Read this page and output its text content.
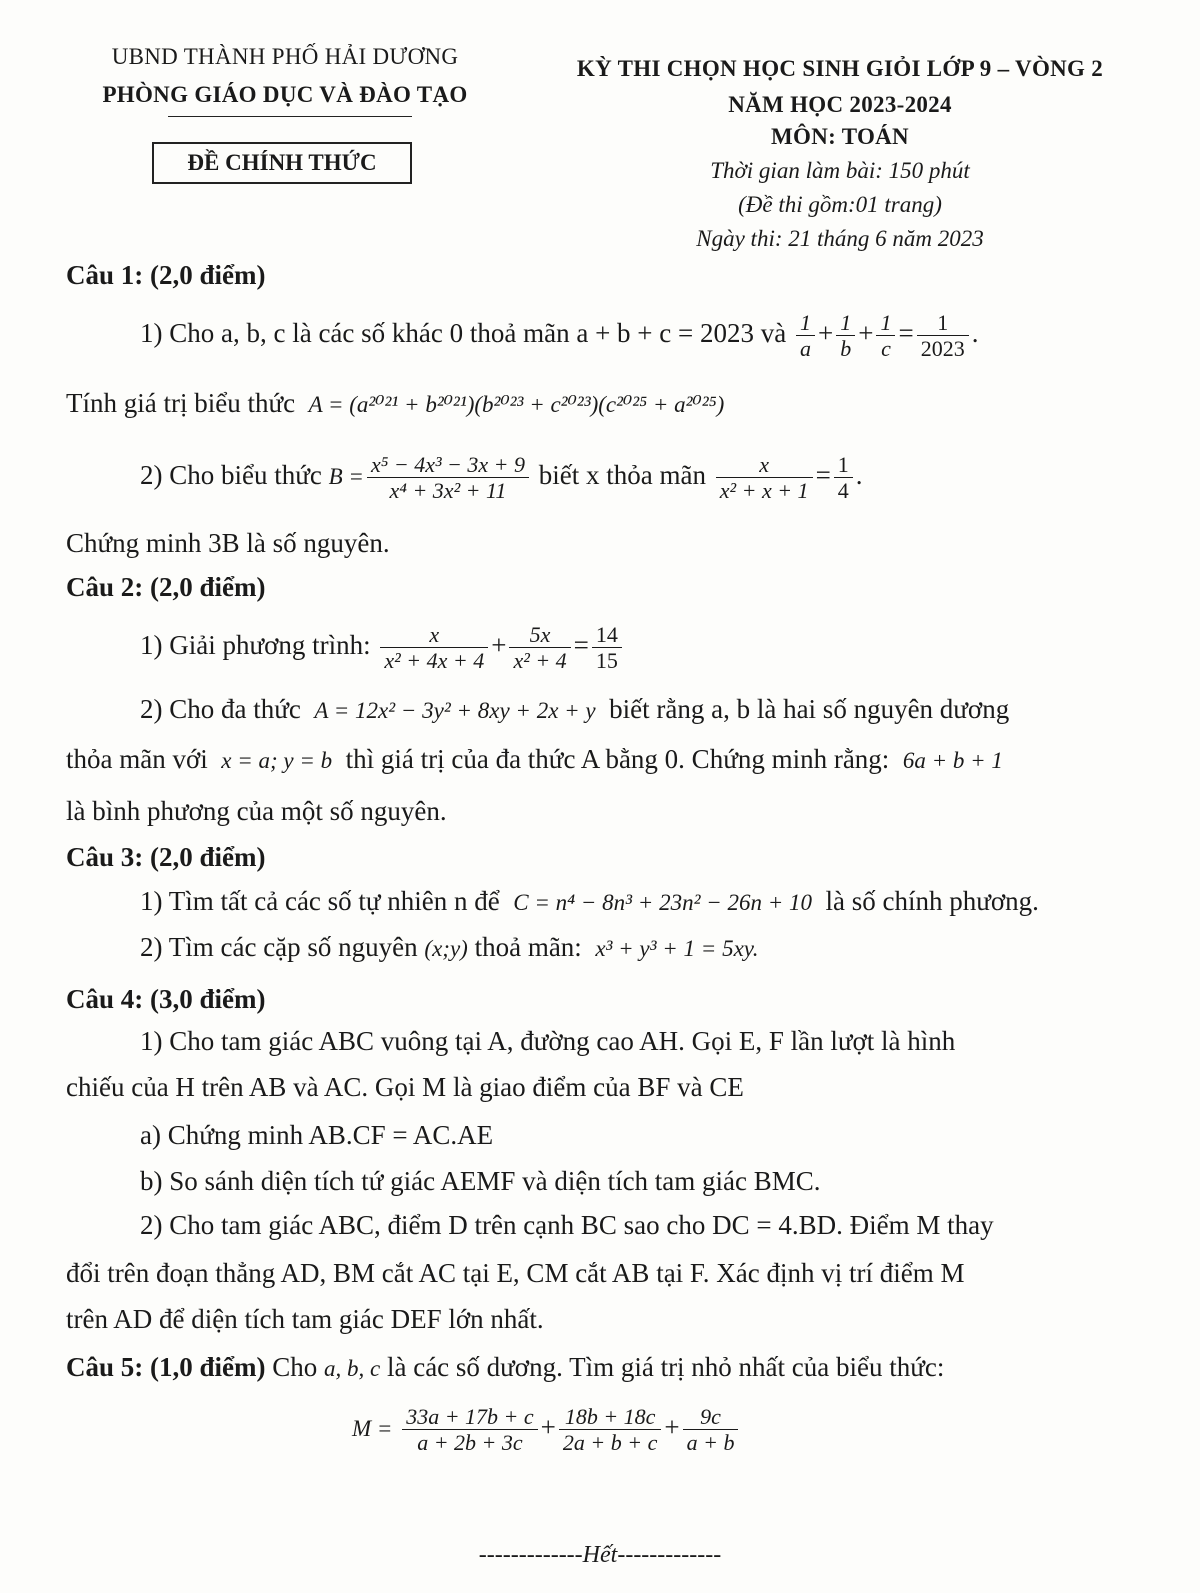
UBND THÀNH PHỐ HẢI DƯƠNG
PHÒNG GIÁO DỤC VÀ ĐÀO TẠO
ĐỀ CHÍNH THỨC
KỲ THI CHỌN HỌC SINH GIỎI LỚP 9 – VÒNG 2
NĂM HỌC 2023-2024
MÔN: TOÁN
Thời gian làm bài: 150 phút
(Đề thi gồm:01 trang)
Ngày thi: 21 tháng 6 năm 2023
Câu 1: (2,0 điểm)
1) Cho a, b, c là các số khác 0 thoả mãn a + b + c = 2023 và $\frac{1}{a} + \frac{1}{b} + \frac{1}{c} = \frac{1}{2023}$ .
Tính giá trị biểu thức A = (a²⁰²¹ + b²⁰²¹)(b²⁰²³ + c²⁰²³)(c²⁰²⁵ + a²⁰²⁵)
2) Cho biểu thức $B = \frac{\text{x⁵ − 4x³ − 3x + 9}}{\text{x⁴ + 3x² + 11}}$ biết x thỏa mãn $\frac{x}{\text{x² + x + 1}} = \frac{1}{4}$ .
Chứng minh 3B là số nguyên.
Câu 2: (2,0 điểm)
1) Giải phương trình: $\frac{x}{\text{x² + 4x + 4}} + \frac{5x}{\text{x² + 4}} = \frac{14}{15}$
2) Cho đa thức A = 12x² − 3y² + 8xy + 2x + y biết rằng a, b là hai số nguyên dương
thỏa mãn với x = a; y = b thì giá trị của đa thức A bằng 0. Chứng minh rằng: 6a + b + 1
là bình phương của một số nguyên.
Câu 3: (2,0 điểm)
1) Tìm tất cả các số tự nhiên n để C = n⁴ − 8n³ + 23n² − 26n + 10 là số chính phương.
2) Tìm các cặp số nguyên (x;y) thoả mãn: x³ + y³ + 1 = 5xy.
Câu 4: (3,0 điểm)
1) Cho tam giác ABC vuông tại A, đường cao AH. Gọi E, F lần lượt là hình
chiếu của H trên AB và AC. Gọi M là giao điểm của BF và CE
a) Chứng minh AB.CF = AC.AE
b) So sánh diện tích tứ giác AEMF và diện tích tam giác BMC.
2) Cho tam giác ABC, điểm D trên cạnh BC sao cho DC = 4.BD. Điểm M thay
đổi trên đoạn thẳng AD, BM cắt AC tại E, CM cắt AB tại F. Xác định vị trí điểm M
trên AD để diện tích tam giác DEF lớn nhất.
Câu 5: (1,0 điểm) Cho a, b, c là các số dương. Tìm giá trị nhỏ nhất của biểu thức:
$M = \frac{33a + 17b + c}{a + 2b + 3c} + \frac{18b + 18c}{2a + b + c} + \frac{9c}{a + b}$
-------------Hết-------------
